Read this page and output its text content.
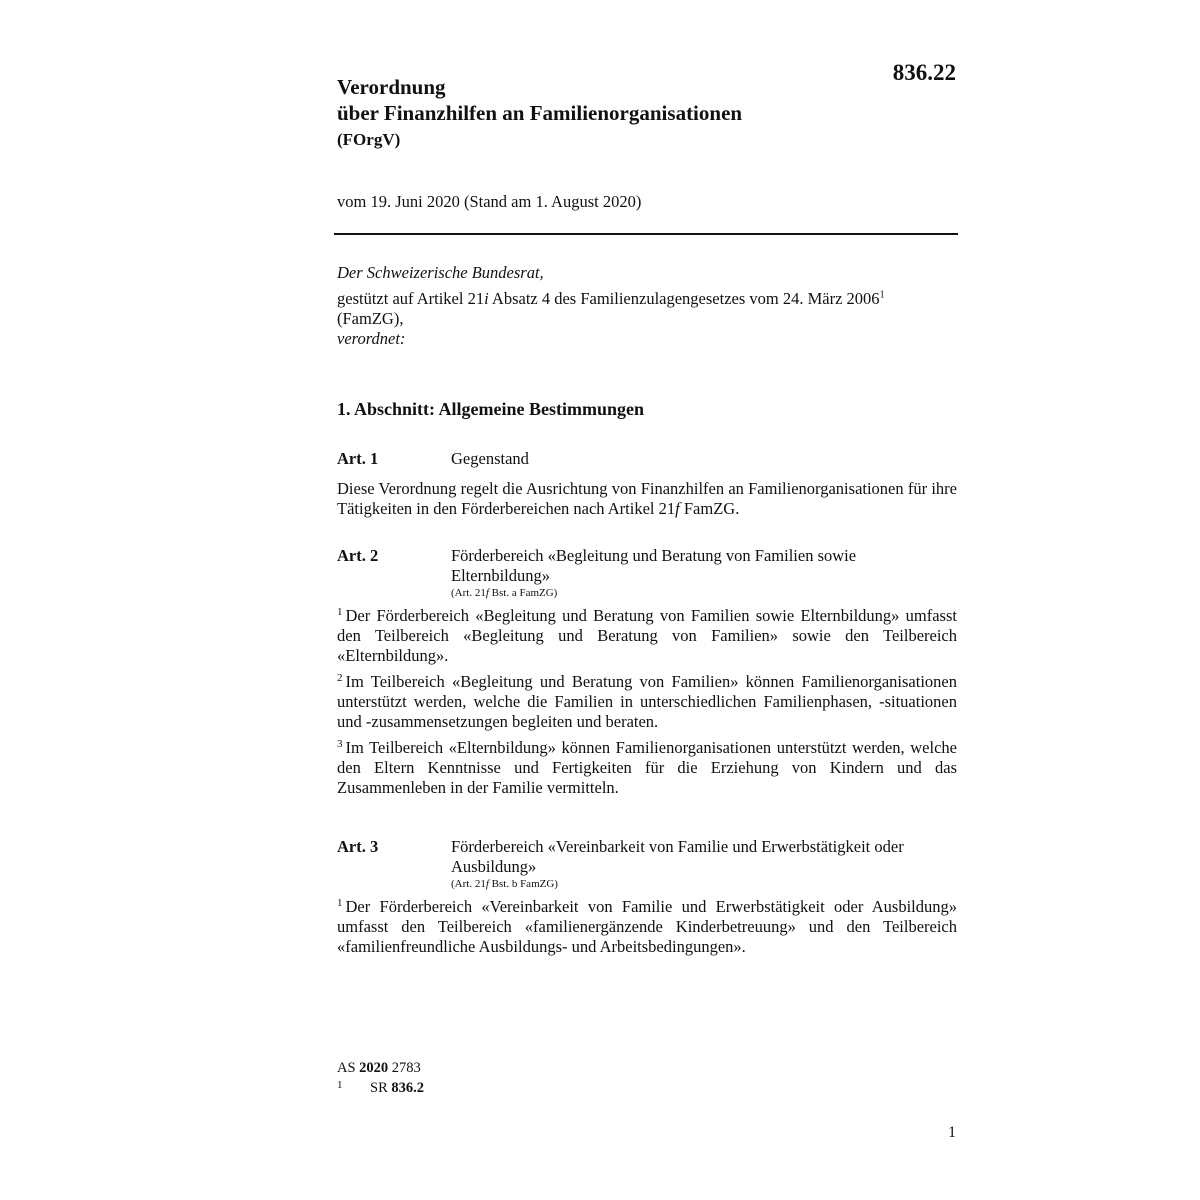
836.22
Verordnung
über Finanzhilfen an Familienorganisationen
(FOrgV)
vom 19. Juni 2020 (Stand am 1. August 2020)
Der Schweizerische Bundesrat,
gestützt auf Artikel 21i Absatz 4 des Familienzulagengesetzes vom 24. März 2006$^1$
(FamZG),
verordnet:
1. Abschnitt: Allgemeine Bestimmungen
Art. 1	Gegenstand
Diese Verordnung regelt die Ausrichtung von Finanzhilfen an Familienorganisationen für ihre Tätigkeiten in den Förderbereichen nach Artikel 21f FamZG.
Art. 2	Förderbereich «Begleitung und Beratung von Familien sowie Elternbildung»
(Art. 21f Bst. a FamZG)
$^1$ Der Förderbereich «Begleitung und Beratung von Familien sowie Elternbildung» umfasst den Teilbereich «Begleitung und Beratung von Familien» sowie den Teilbereich «Elternbildung».
$^2$ Im Teilbereich «Begleitung und Beratung von Familien» können Familienorganisationen unterstützt werden, welche die Familien in unterschiedlichen Familienphasen, -situationen und -zusammensetzungen begleiten und beraten.
$^3$ Im Teilbereich «Elternbildung» können Familienorganisationen unterstützt werden, welche den Eltern Kenntnisse und Fertigkeiten für die Erziehung von Kindern und das Zusammenleben in der Familie vermitteln.
Art. 3	Förderbereich «Vereinbarkeit von Familie und Erwerbstätigkeit oder Ausbildung»
(Art. 21f Bst. b FamZG)
$^1$ Der Förderbereich «Vereinbarkeit von Familie und Erwerbstätigkeit oder Ausbildung» umfasst den Teilbereich «familienergänzende Kinderbetreuung» und den Teilbereich «familienfreundliche Ausbildungs- und Arbeitsbedingungen».
AS 2020 2783
1 SR 836.2
1
